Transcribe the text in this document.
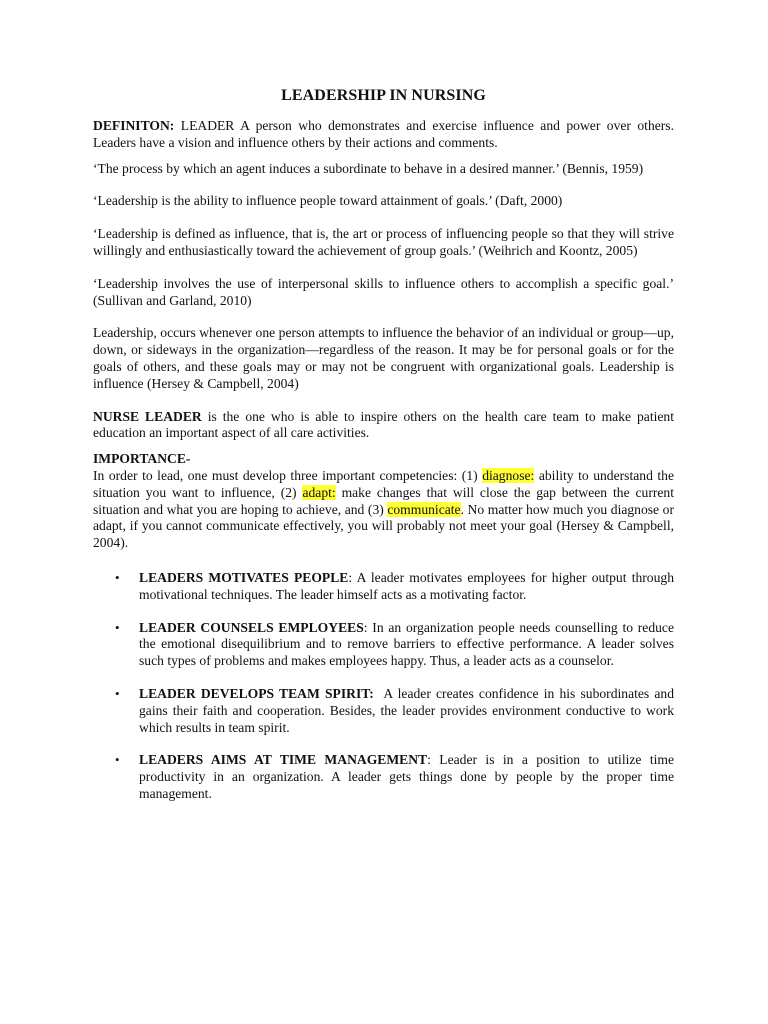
LEADERSHIP IN NURSING

DEFINITON: LEADER A person who demonstrates and exercise influence and power over others. Leaders have a vision and influence others by their actions and comments.

‘The process by which an agent induces a subordinate to behave in a desired manner.’ (Bennis, 1959)

‘Leadership is the ability to influence people toward attainment of goals.’ (Daft, 2000)

‘Leadership is defined as influence, that is, the art or process of influencing people so that they will strive willingly and enthusiastically toward the achievement of group goals.’ (Weihrich and Koontz, 2005)

‘Leadership involves the use of interpersonal skills to influence others to accomplish a specific goal.’ (Sullivan and Garland, 2010)

Leadership, occurs whenever one person attempts to influence the behavior of an individual or group—up, down, or sideways in the organization—regardless of the reason. It may be for personal goals or for the goals of others, and these goals may or may not be congruent with organizational goals. Leadership is influence (Hersey & Campbell, 2004)

NURSE LEADER is the one who is able to inspire others on the health care team to make patient education an important aspect of all care activities.

IMPORTANCE-

In order to lead, one must develop three important competencies: (1) diagnose: ability to understand the situation you want to influence, (2) adapt: make changes that will close the gap between the current situation and what you are hoping to achieve, and (3) communicate. No matter how much you diagnose or adapt, if you cannot communicate effectively, you will probably not meet your goal (Hersey & Campbell, 2004).

• LEADERS MOTIVATES PEOPLE: A leader motivates employees for higher output through motivational techniques. The leader himself acts as a motivating factor.
• LEADER COUNSELS EMPLOYEES: In an organization people needs counselling to reduce the emotional disequilibrium and to remove barriers to effective performance. A leader solves such types of problems and makes employees happy. Thus, a leader acts as a counselor.
• LEADER DEVELOPS TEAM SPIRIT:  A leader creates confidence in his subordinates and gains their faith and cooperation. Besides, the leader provides environment conductive to work which results in team spirit.
• LEADERS AIMS AT TIME MANAGEMENT: Leader is in a position to utilize time productivity in an organization. A leader gets things done by people by the proper time management.
